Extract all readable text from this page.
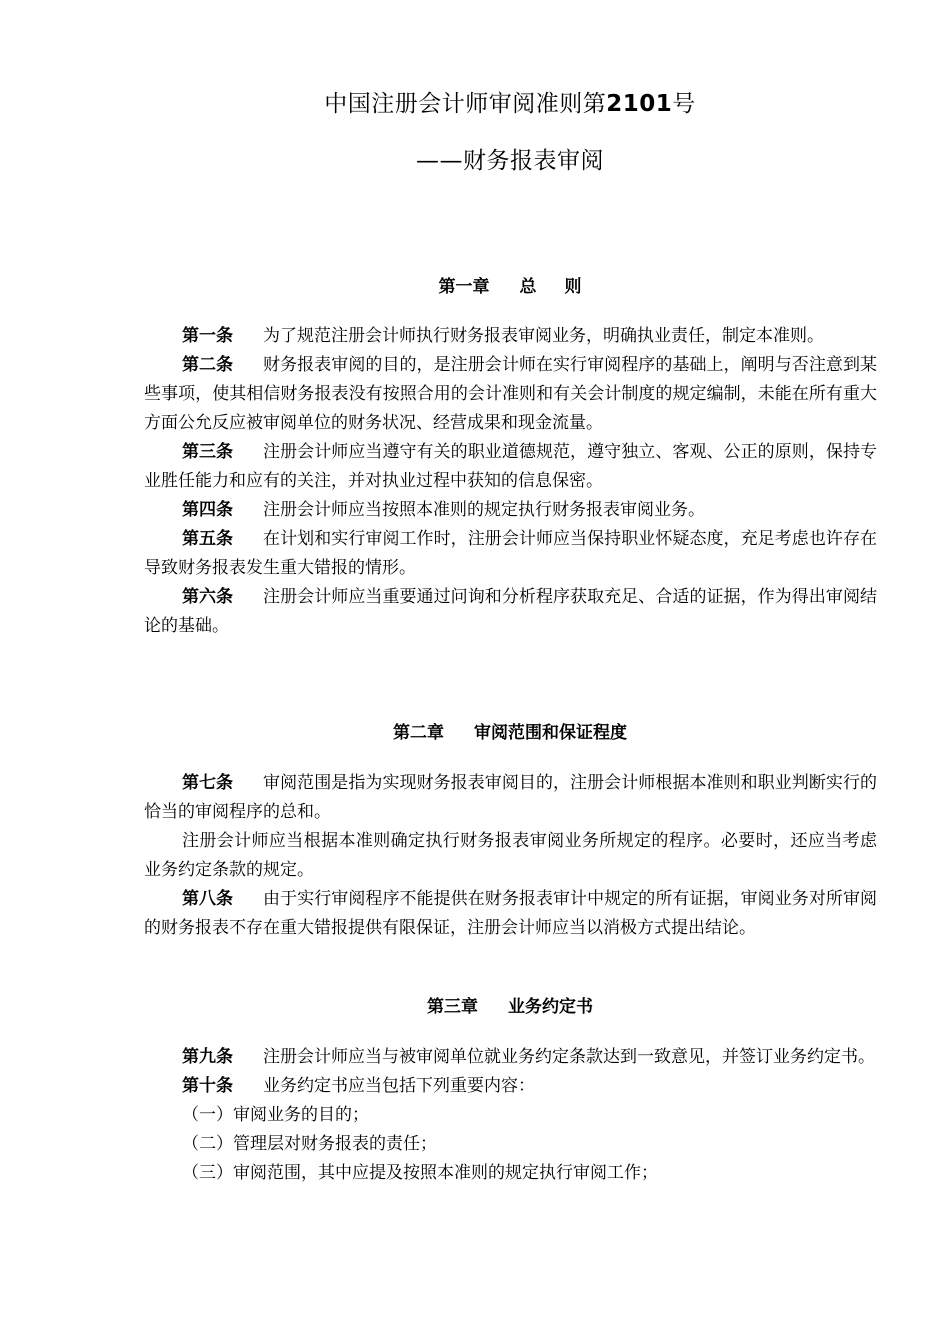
中国注册会计师审阅准则第2101号
——财务报表审阅
第一章 总 则

第一条 为了规范注册会计师执行财务报表审阅业务，明确执业责任，制定本准则。

第二条 财务报表审阅的目的，是注册会计师在实行审阅程序的基础上，阐明与否注意到某些事项，使其相信财务报表没有按照合用的会计准则和有关会计制度的规定编制，未能在所有重大方面公允反应被审阅单位的财务状况、经营成果和现金流量。

第三条 注册会计师应当遵守有关的职业道德规范，遵守独立、客观、公正的原则，保持专业胜任能力和应有的关注，并对执业过程中获知的信息保密。

第四条 注册会计师应当按照本准则的规定执行财务报表审阅业务。

第五条 在计划和实行审阅工作时，注册会计师应当保持职业怀疑态度，充足考虑也许存在导致财务报表发生重大错报的情形。

第六条 注册会计师应当重要通过问询和分析程序获取充足、合适的证据，作为得出审阅结论的基础。

第二章 审阅范围和保证程度

第七条 审阅范围是指为实现财务报表审阅目的，注册会计师根据本准则和职业判断实行的恰当的审阅程序的总和。

注册会计师应当根据本准则确定执行财务报表审阅业务所规定的程序。必要时，还应当考虑业务约定条款的规定。

第八条 由于实行审阅程序不能提供在财务报表审计中规定的所有证据，审阅业务对所审阅的财务报表不存在重大错报提供有限保证，注册会计师应当以消极方式提出结论。

第三章 业务约定书

第九条 注册会计师应当与被审阅单位就业务约定条款达到一致意见，并签订业务约定书。

第十条 业务约定书应当包括下列重要内容：

（一）审阅业务的目的；

（二）管理层对财务报表的责任；

（三）审阅范围，其中应提及按照本准则的规定执行审阅工作；
